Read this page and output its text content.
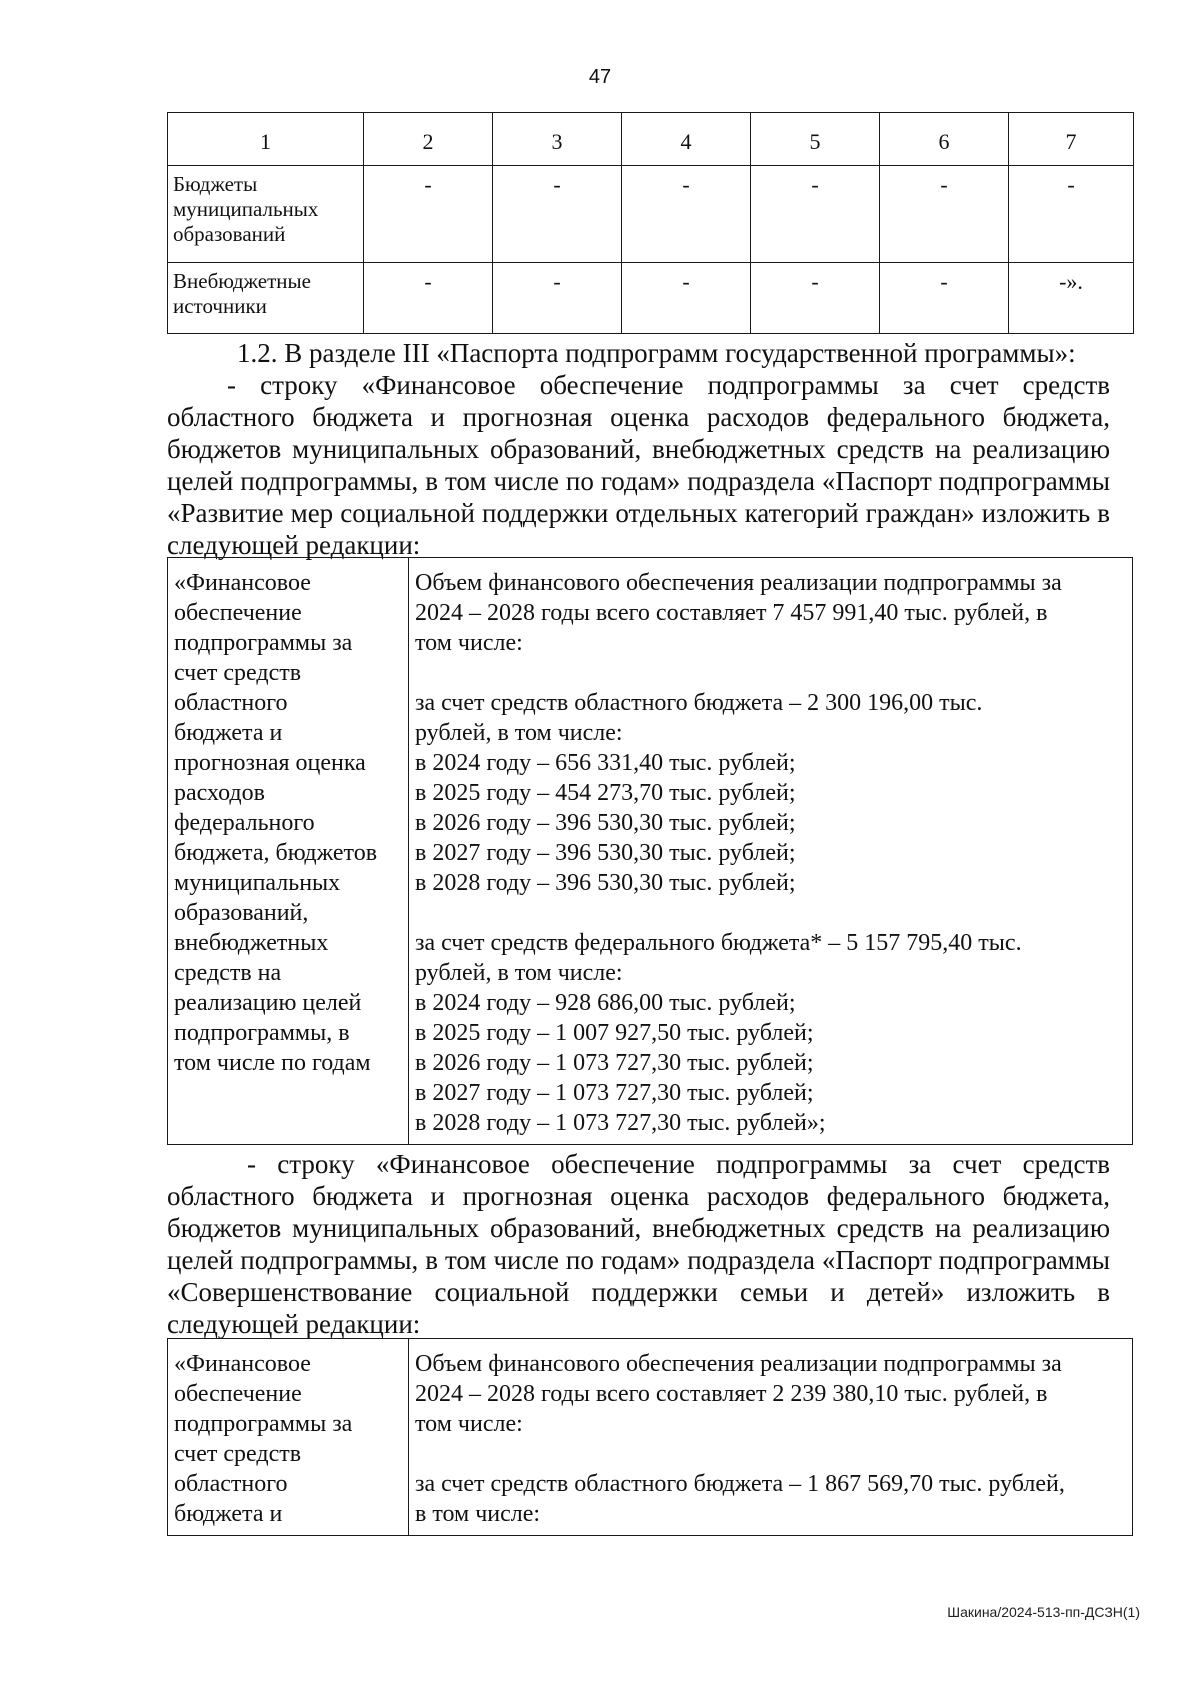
47
1	2	3	4	5	6	7

Бюджеты
муниципальных
образований	-	-	-	-	-	-

Внебюджетные
источники	-	-	-	-	-	-».

1.2. В разделе III «Паспорта подпрограмм государственной программы»:

- строку «Финансовое обеспечение подпрограммы за счет средств областного бюджета и прогнозная оценка расходов федерального бюджета, бюджетов муниципальных образований, внебюджетных средств на реализацию целей подпрограммы, в том числе по годам» подраздела «Паспорт подпрограммы «Развитие мер социальной поддержки отдельных категорий граждан» изложить в следующей редакции:

«Финансовое
обеспечение
подпрограммы за
счет средств
областного
бюджета и
прогнозная оценка
расходов
федерального
бюджета, бюджетов
муниципальных
образований,
внебюджетных
средств на
реализацию целей
подпрограммы, в
том числе по годам

Объем финансового обеспечения реализации подпрограммы за
2024 – 2028 годы всего составляет 7 457 991,40 тыс. рублей, в
том числе:
за счет средств областного бюджета – 2 300 196,00 тыс.
рублей, в том числе:
в 2024 году – 656 331,40 тыс. рублей;
в 2025 году – 454 273,70 тыс. рублей;
в 2026 году – 396 530,30 тыс. рублей;
в 2027 году – 396 530,30 тыс. рублей;
в 2028 году – 396 530,30 тыс. рублей;
за счет средств федерального бюджета* – 5 157 795,40 тыс.
рублей, в том числе:
в 2024 году – 928 686,00 тыс. рублей;
в 2025 году – 1 007 927,50 тыс. рублей;
в 2026 году – 1 073 727,30 тыс. рублей;
в 2027 году – 1 073 727,30 тыс. рублей;
в 2028 году – 1 073 727,30 тыс. рублей»;

- строку «Финансовое обеспечение подпрограммы за счет средств областного бюджета и прогнозная оценка расходов федерального бюджета, бюджетов муниципальных образований, внебюджетных средств на реализацию целей подпрограммы, в том числе по годам» подраздела «Паспорт подпрограммы «Совершенствование социальной поддержки семьи и детей» изложить в следующей редакции:

«Финансовое
обеспечение
подпрограммы за
счет средств
областного
бюджета и

Объем финансового обеспечения реализации подпрограммы за
2024 – 2028 годы всего составляет 2 239 380,10 тыс. рублей, в
том числе:
за счет средств областного бюджета – 1 867 569,70 тыс. рублей,
в том числе:
Шакина/2024-513-пп-ДСЗН(1)
